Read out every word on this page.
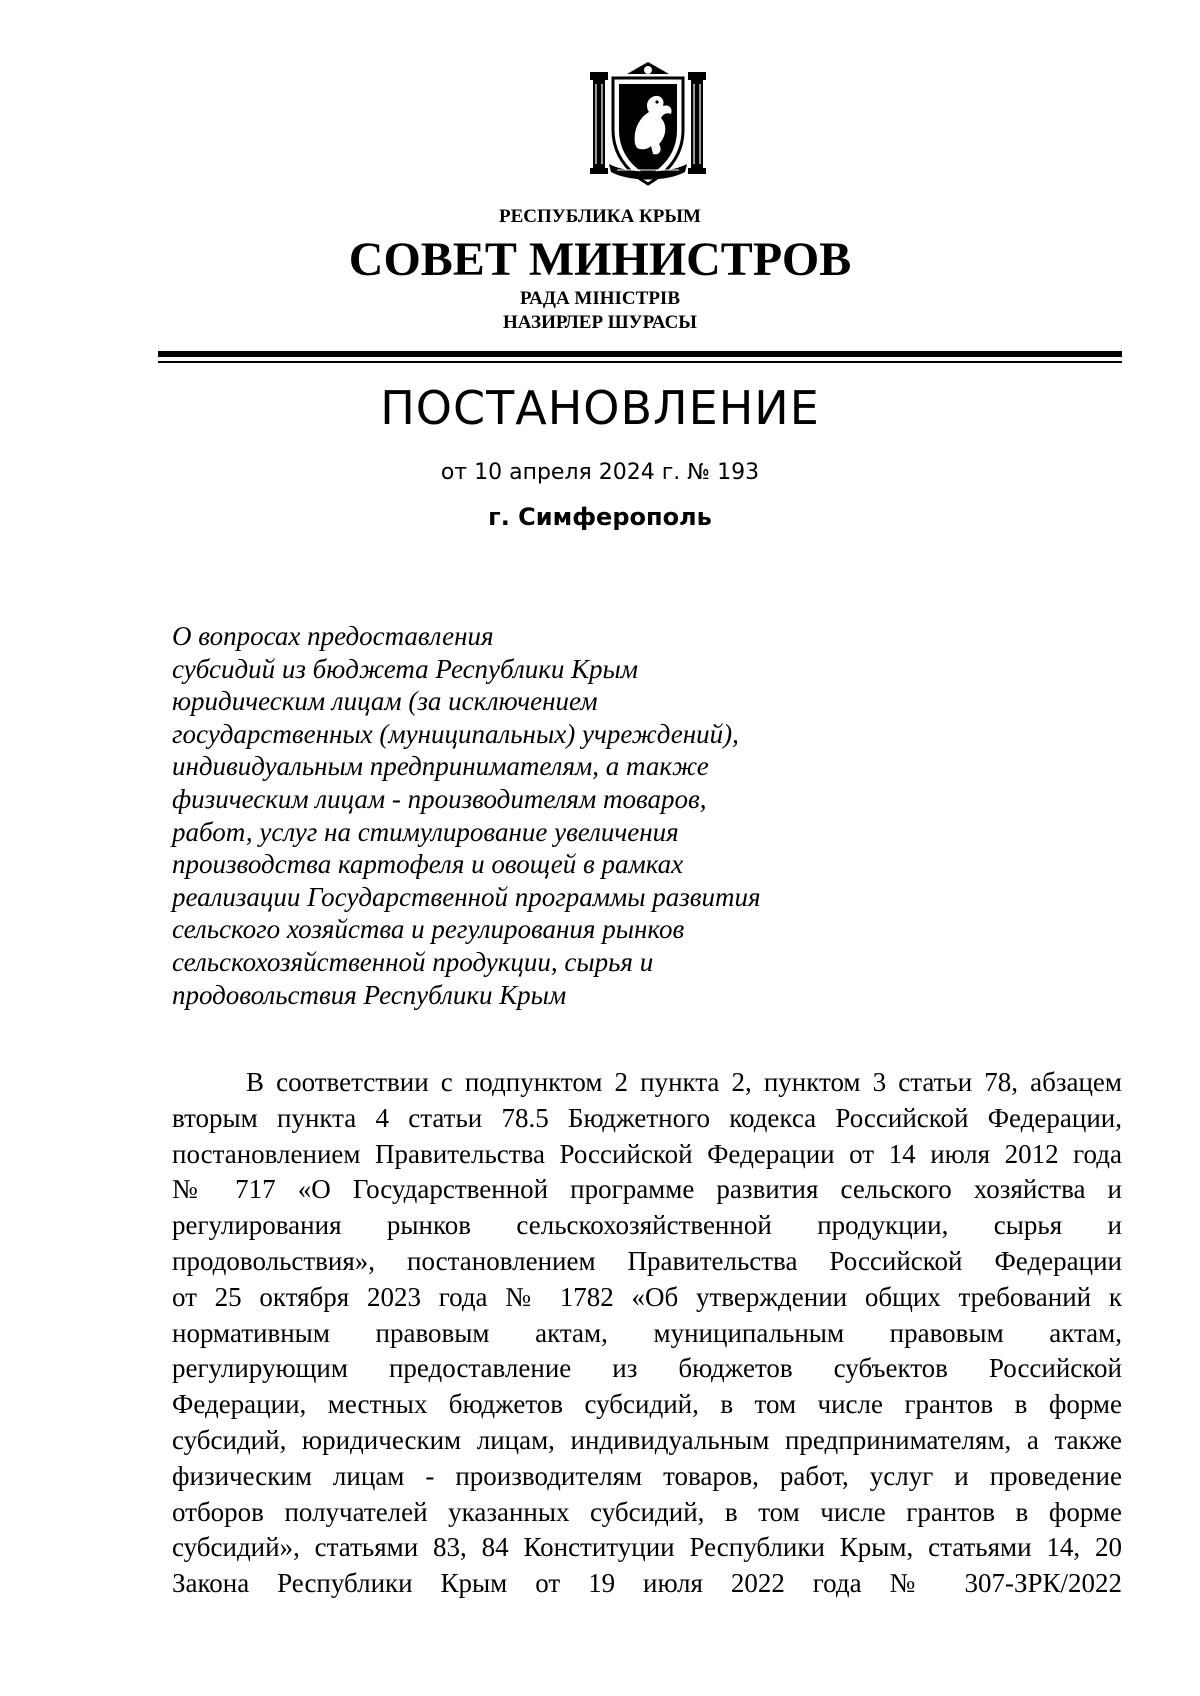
РЕСПУБЛИКА КРЫМ
СОВЕТ МИНИСТРОВ
РАДА МІНІСТРІВ
НАЗИРЛЕР ШУРАСЫ
ПОСТАНОВЛЕНИЕ
от 10 апреля 2024 г. № 193
г. Симферополь
О вопросах предоставления
субсидий из бюджета Республики Крым
юридическим лицам (за исключением
государственных (муниципальных) учреждений),
индивидуальным предпринимателям, а также
физическим лицам - производителям товаров,
работ, услуг на стимулирование увеличения
производства картофеля и овощей в рамках
реализации Государственной программы развития
сельского хозяйства и регулирования рынков
сельскохозяйственной продукции, сырья и
продовольствия Республики Крым
В соответствии с подпунктом 2 пункта 2, пунктом 3 статьи 78, абзацем
вторым пункта 4 статьи 78.5 Бюджетного кодекса Российской Федерации,
постановлением Правительства Российской Федерации от 14 июля 2012 года
№ 717 «О Государственной программе развития сельского хозяйства и
регулирования рынков сельскохозяйственной продукции, сырья и
продовольствия», постановлением Правительства Российской Федерации
от 25 октября 2023 года № 1782 «Об утверждении общих требований к
нормативным правовым актам, муниципальным правовым актам,
регулирующим предоставление из бюджетов субъектов Российской
Федерации, местных бюджетов субсидий, в том числе грантов в форме
субсидий, юридическим лицам, индивидуальным предпринимателям, а также
физическим лицам - производителям товаров, работ, услуг и проведение
отборов получателей указанных субсидий, в том числе грантов в форме
субсидий», статьями 83, 84 Конституции Республики Крым, статьями 14, 20
Закона Республики Крым от 19 июля 2022 года № 307-ЗРК/2022
